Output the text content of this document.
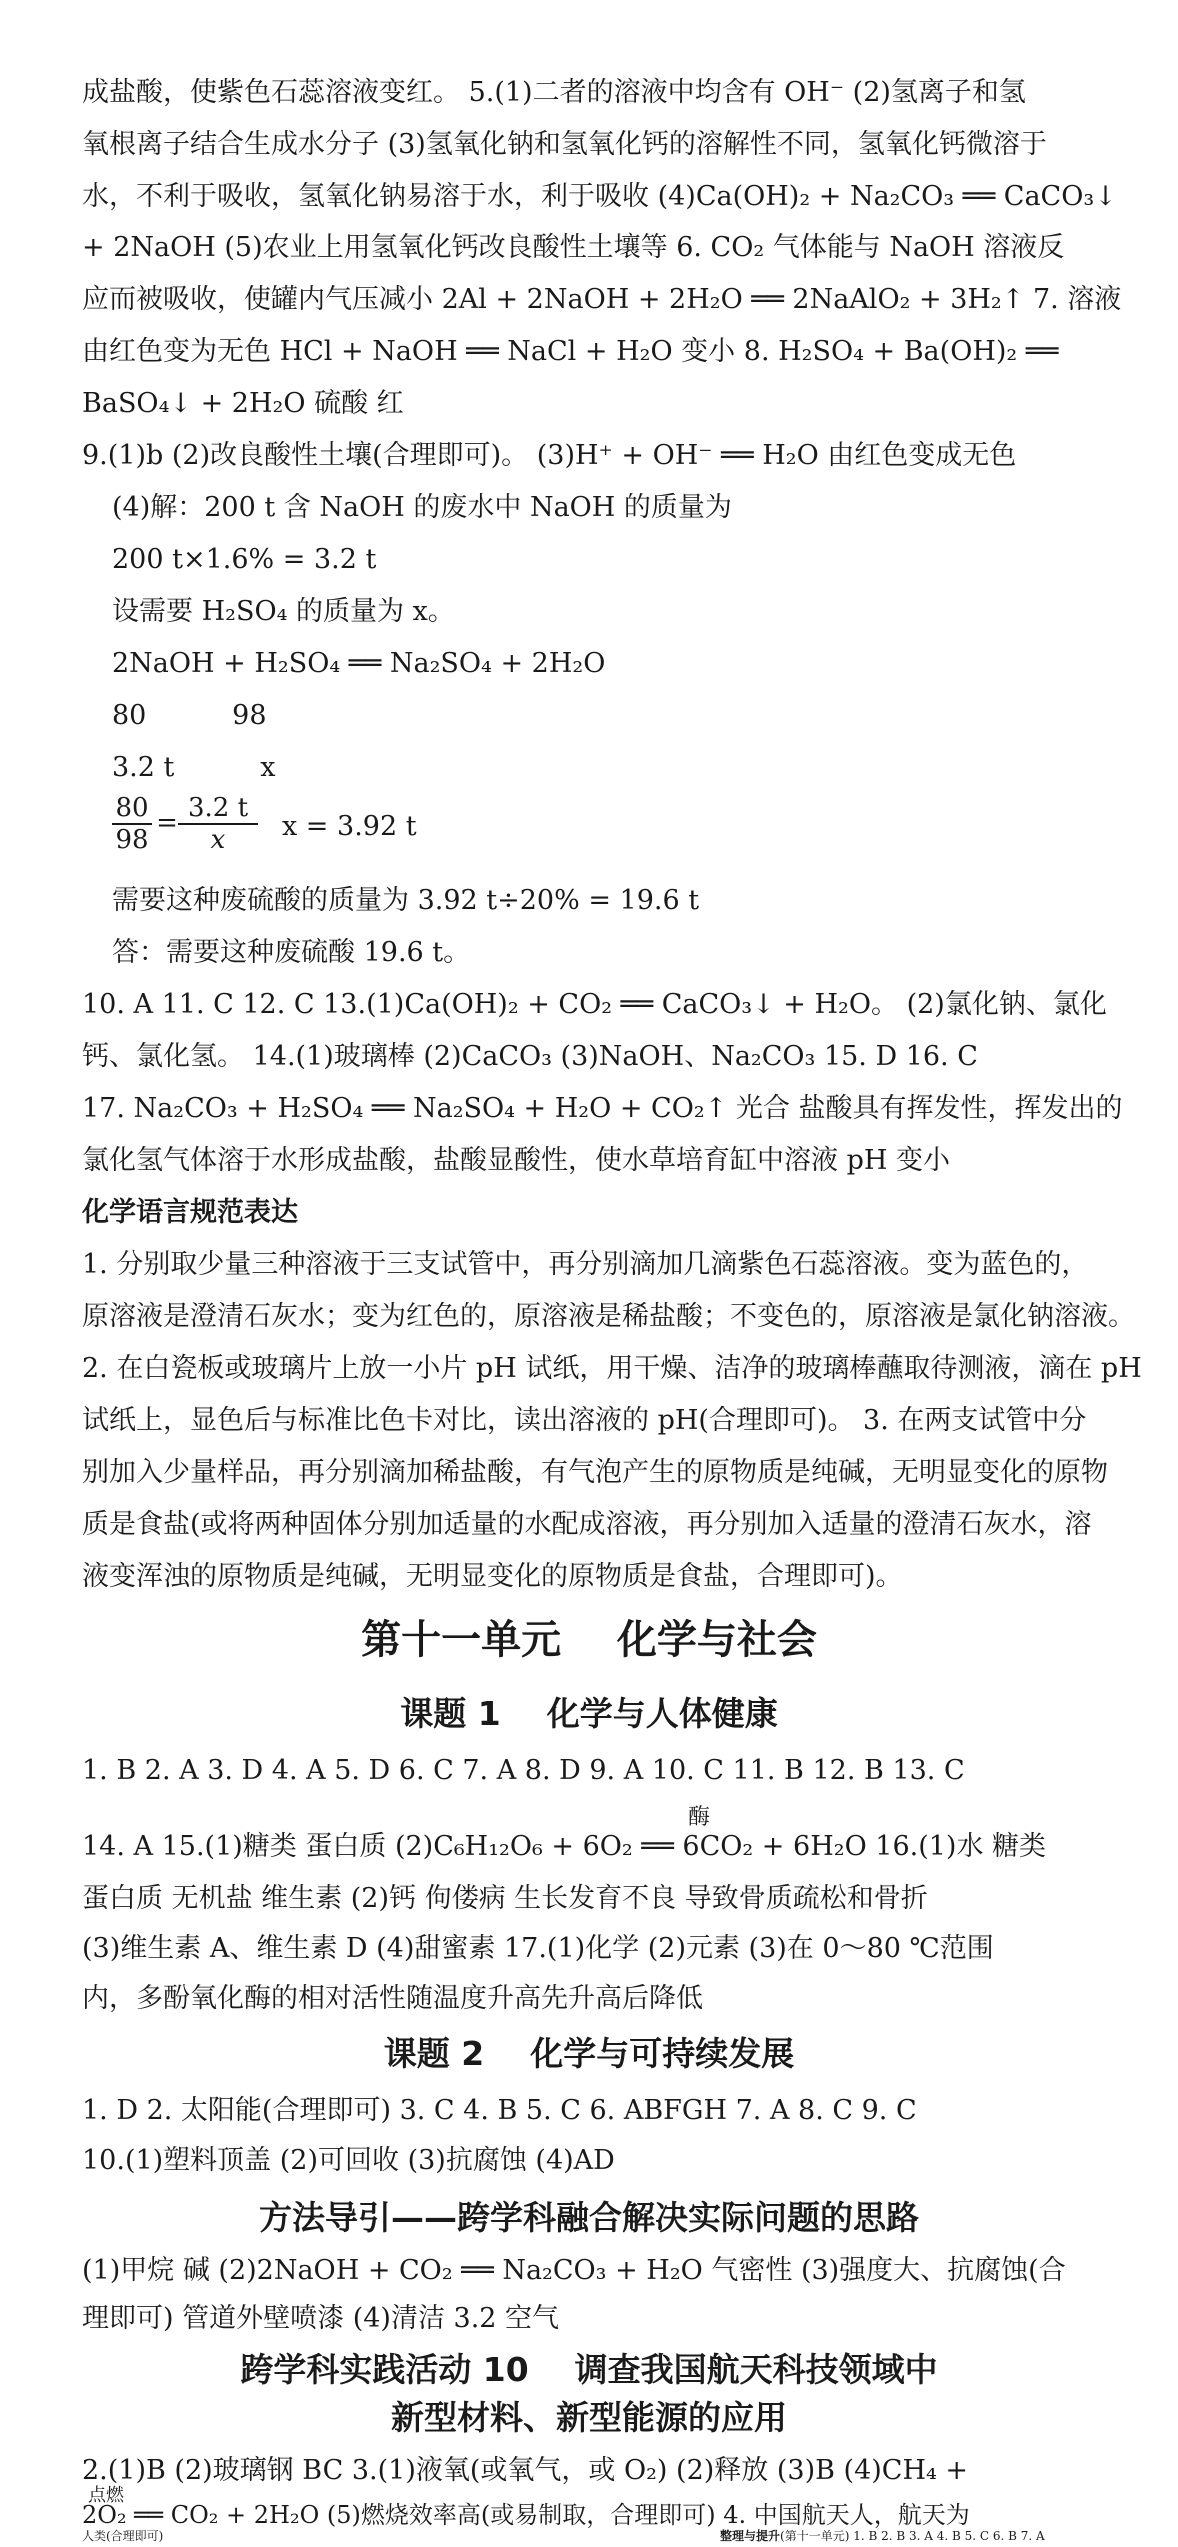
成盐酸，使紫色石蕊溶液变红。 5.(1)二者的溶液中均含有 OH⁻ (2)氢离子和氢
氧根离子结合生成水分子 (3)氢氧化钠和氢氧化钙的溶解性不同，氢氧化钙微溶于
水，不利于吸收，氢氧化钠易溶于水，利于吸收 (4)Ca(OH)₂ + Na₂CO₃ ══ CaCO₃↓
+ 2NaOH (5)农业上用氢氧化钙改良酸性土壤等 6. CO₂ 气体能与 NaOH 溶液反
应而被吸收，使罐内气压减小 2Al + 2NaOH + 2H₂O ══ 2NaAlO₂ + 3H₂↑ 7. 溶液
由红色变为无色 HCl + NaOH ══ NaCl + H₂O 变小 8. H₂SO₄ + Ba(OH)₂ ══
BaSO₄↓ + 2H₂O 硫酸 红
9.(1)b (2)改良酸性土壤(合理即可)。 (3)H⁺ + OH⁻ ══ H₂O 由红色变成无色
(4)解：200 t 含 NaOH 的废水中 NaOH 的质量为
200 t×1.6% = 3.2 t
设需要 H₂SO₄ 的质量为 x。
2NaOH + H₂SO₄ ══ Na₂SO₄ + 2H₂O
80          98
3.2 t          x
$\frac{80}{98} = \frac{3.2 t}{x}$ x = 3.92 t
需要这种废硫酸的质量为 3.92 t÷20% = 19.6 t
答：需要这种废硫酸 19.6 t。
10. A 11. C 12. C 13.(1)Ca(OH)₂ + CO₂ ══ CaCO₃↓ + H₂O。 (2)氯化钠、氯化
钙、氯化氢。 14.(1)玻璃棒 (2)CaCO₃ (3)NaOH、Na₂CO₃ 15. D 16. C
17. Na₂CO₃ + H₂SO₄ ══ Na₂SO₄ + H₂O + CO₂↑ 光合 盐酸具有挥发性，挥发出的
氯化氢气体溶于水形成盐酸，盐酸显酸性，使水草培育缸中溶液 pH 变小
化学语言规范表达
1. 分别取少量三种溶液于三支试管中，再分别滴加几滴紫色石蕊溶液。变为蓝色的，
原溶液是澄清石灰水；变为红色的，原溶液是稀盐酸；不变色的，原溶液是氯化钠溶液。
2. 在白瓷板或玻璃片上放一小片 pH 试纸，用干燥、洁净的玻璃棒蘸取待测液，滴在 pH
试纸上，显色后与标准比色卡对比，读出溶液的 pH(合理即可)。 3. 在两支试管中分
别加入少量样品，再分别滴加稀盐酸，有气泡产生的原物质是纯碱，无明显变化的原物
质是食盐(或将两种固体分别加适量的水配成溶液，再分别加入适量的澄清石灰水，溶
液变浑浊的原物质是纯碱，无明显变化的原物质是食盐，合理即可)。
第十一单元    化学与社会
课题 1    化学与人体健康
1. B 2. A 3. D 4. A 5. D 6. C 7. A 8. D 9. A 10. C 11. B 12. B 13. C
酶
14. A 15.(1)糖类 蛋白质 (2)C₆H₁₂O₆ + 6O₂ ══ 6CO₂ + 6H₂O 16.(1)水 糖类
蛋白质 无机盐 维生素 (2)钙 佝偻病 生长发育不良 导致骨质疏松和骨折
(3)维生素 A、维生素 D (4)甜蜜素 17.(1)化学 (2)元素 (3)在 0～80 ℃范围
内，多酚氧化酶的相对活性随温度升高先升高后降低
课题 2    化学与可持续发展
1. D 2. 太阳能(合理即可) 3. C 4. B 5. C 6. ABFGH 7. A 8. C 9. C
10.(1)塑料顶盖 (2)可回收 (3)抗腐蚀 (4)AD
方法导引——跨学科融合解决实际问题的思路
(1)甲烷 碱 (2)2NaOH + CO₂ ══ Na₂CO₃ + H₂O 气密性 (3)强度大、抗腐蚀(合
理即可) 管道外壁喷漆 (4)清洁 3.2 空气
跨学科实践活动 10    调查我国航天科技领域中
新型材料、新型能源的应用
2.(1)B (2)玻璃钢 BC 3.(1)液氧(或氧气，或 O₂) (2)释放 (3)B (4)CH₄ +
点燃
2O₂ ══ CO₂ + 2H₂O (5)燃烧效率高(或易制取，合理即可) 4. 中国航天人，航天为
人类(合理即可)	整理与提升(第十一单元) 1. B 2. B 3. A 4. B 5. C 6. B 7. A
